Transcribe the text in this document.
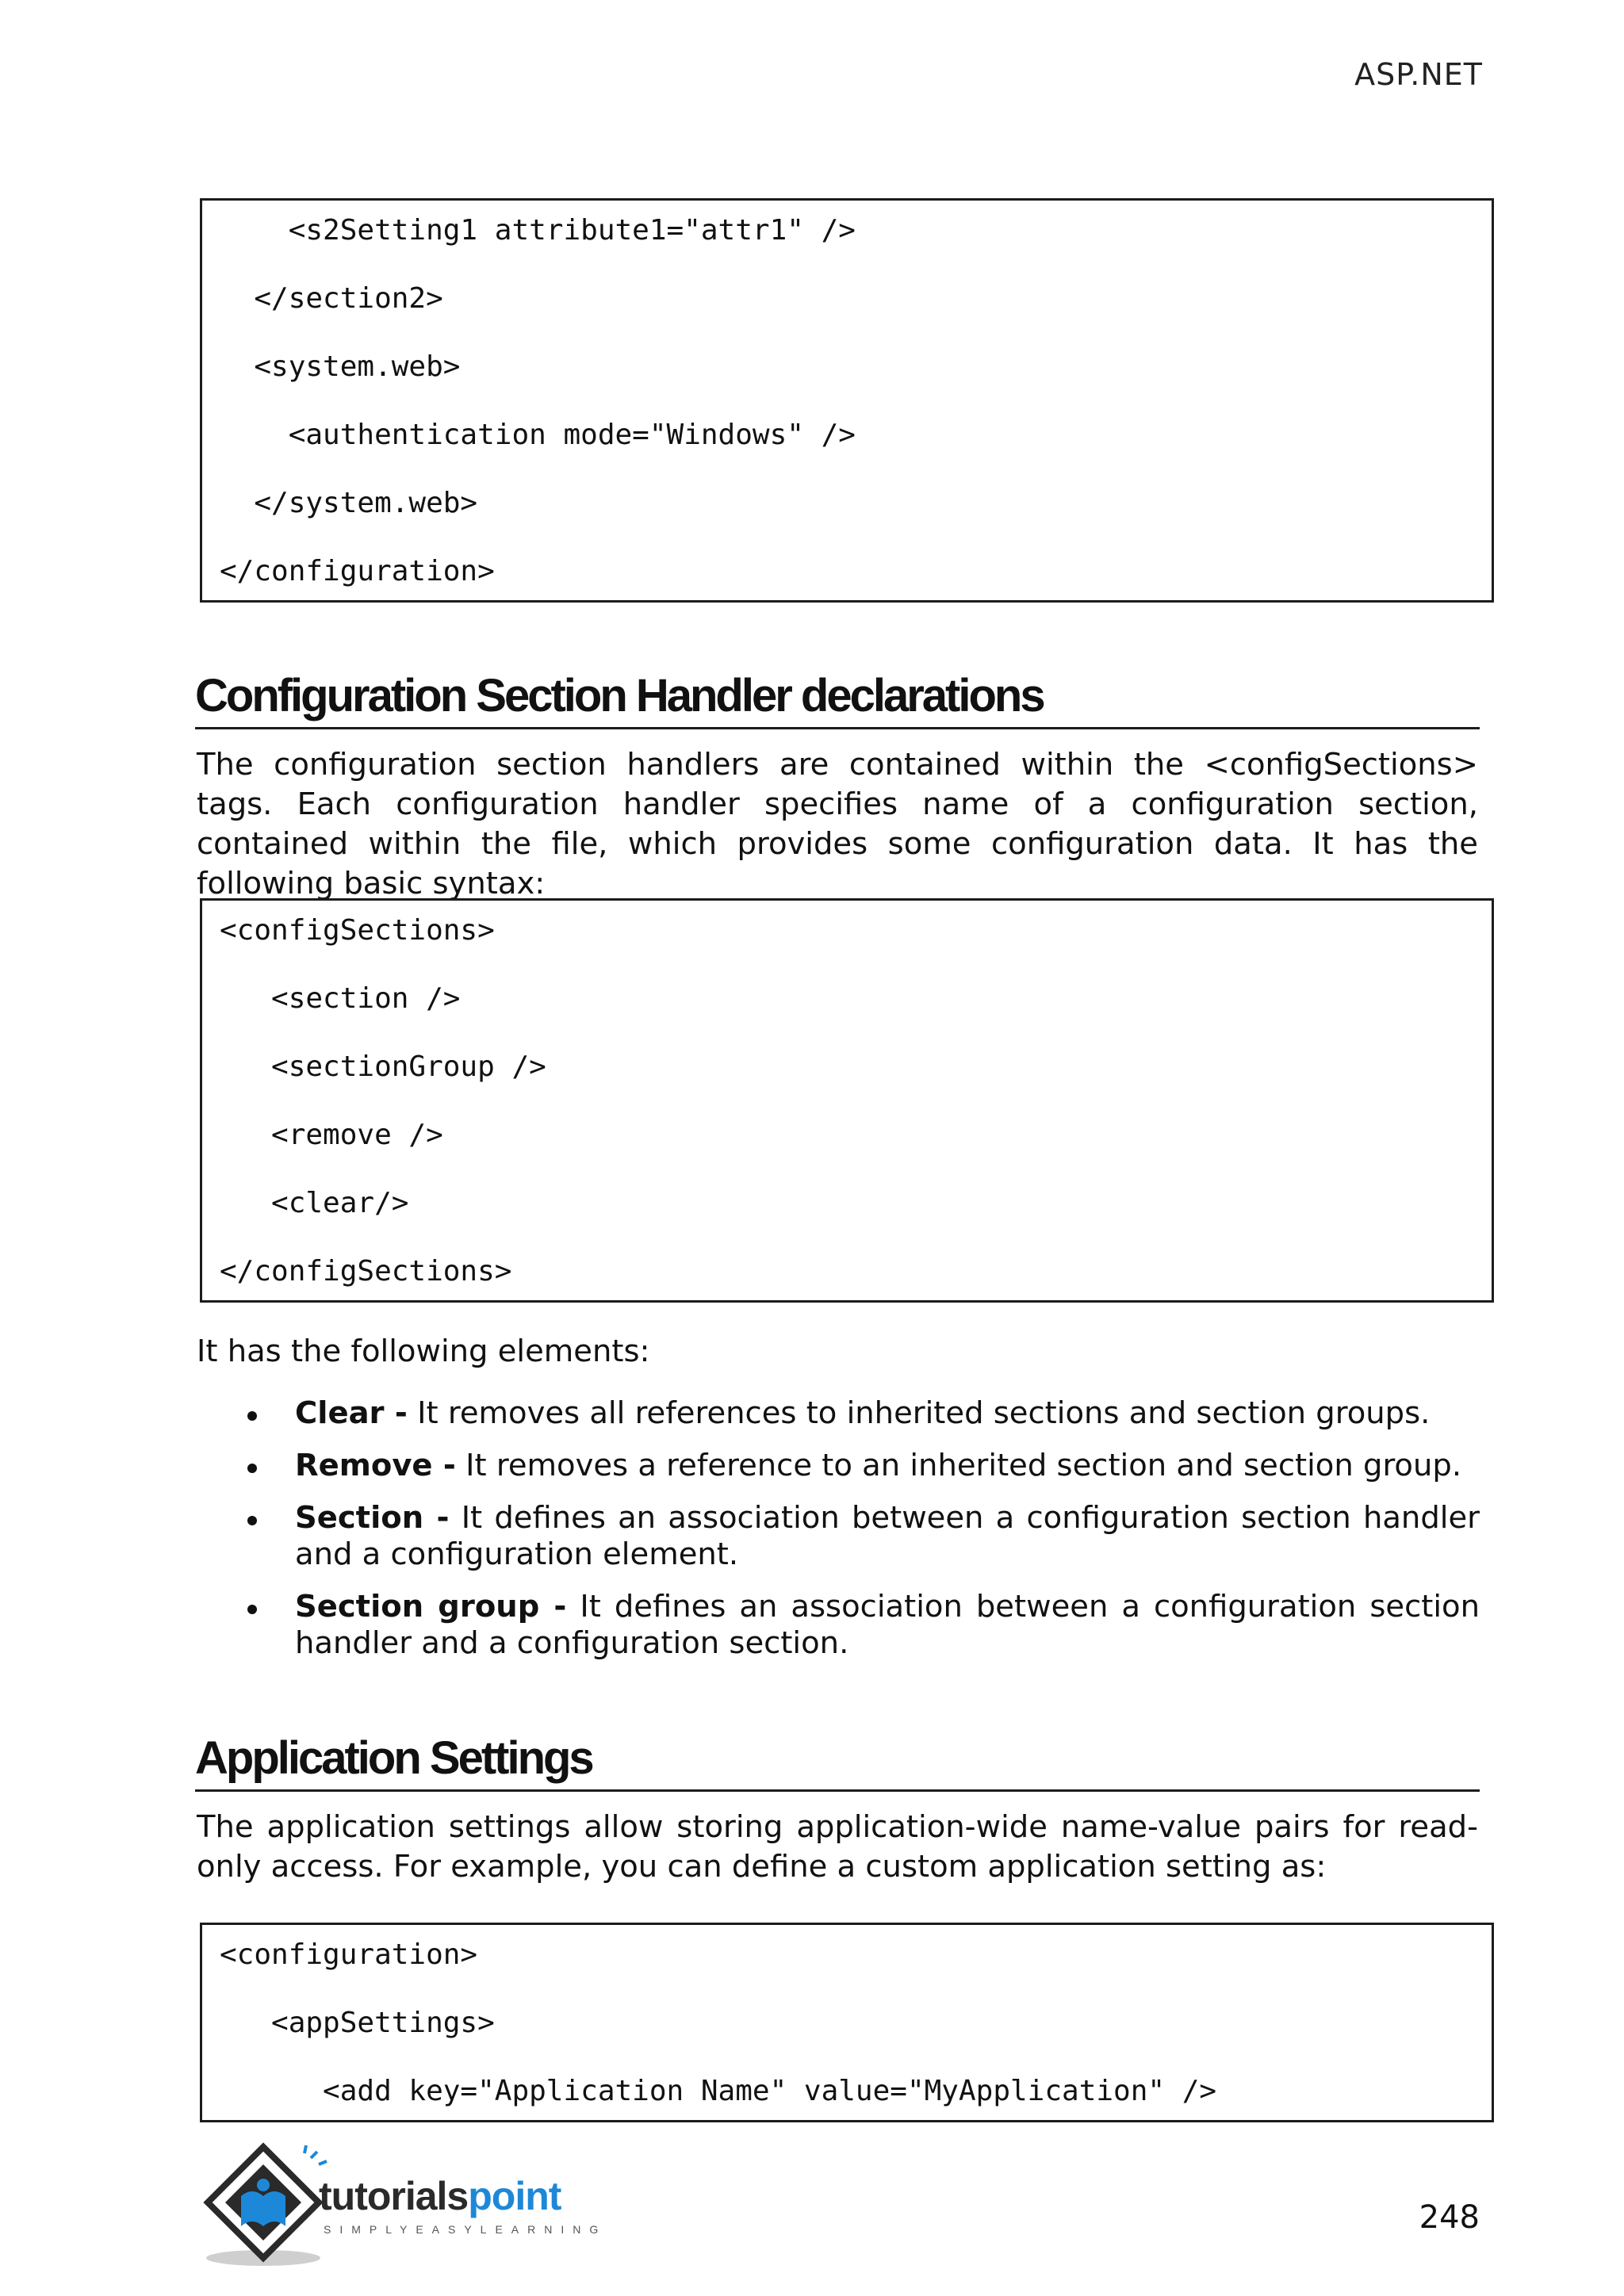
ASP.NET
<s2Setting1 attribute1="attr1" />
</section2>
<system.web>
<authentication mode="Windows" />
</system.web>
</configuration>
Configuration Section Handler declarations
The configuration section handlers are contained within the <configSections> tags. Each configuration handler specifies name of a configuration section, contained within the file, which provides some configuration data. It has the following basic syntax:
<configSections>
<section />
<sectionGroup />
<remove />
<clear/>
</configSections>
It has the following elements:
Clear - It removes all references to inherited sections and section groups.
Remove - It removes a reference to an inherited section and section group.
Section - It defines an association between a configuration section handler and a configuration element.
Section group - It defines an association between a configuration section handler and a configuration section.
Application Settings
The application settings allow storing application-wide name-value pairs for read-only access. For example, you can define a custom application setting as:
<configuration>
<appSettings>
<add key="Application Name" value="MyApplication" />
tutorialspoint
SIMPLYEASYLEARNING	248
